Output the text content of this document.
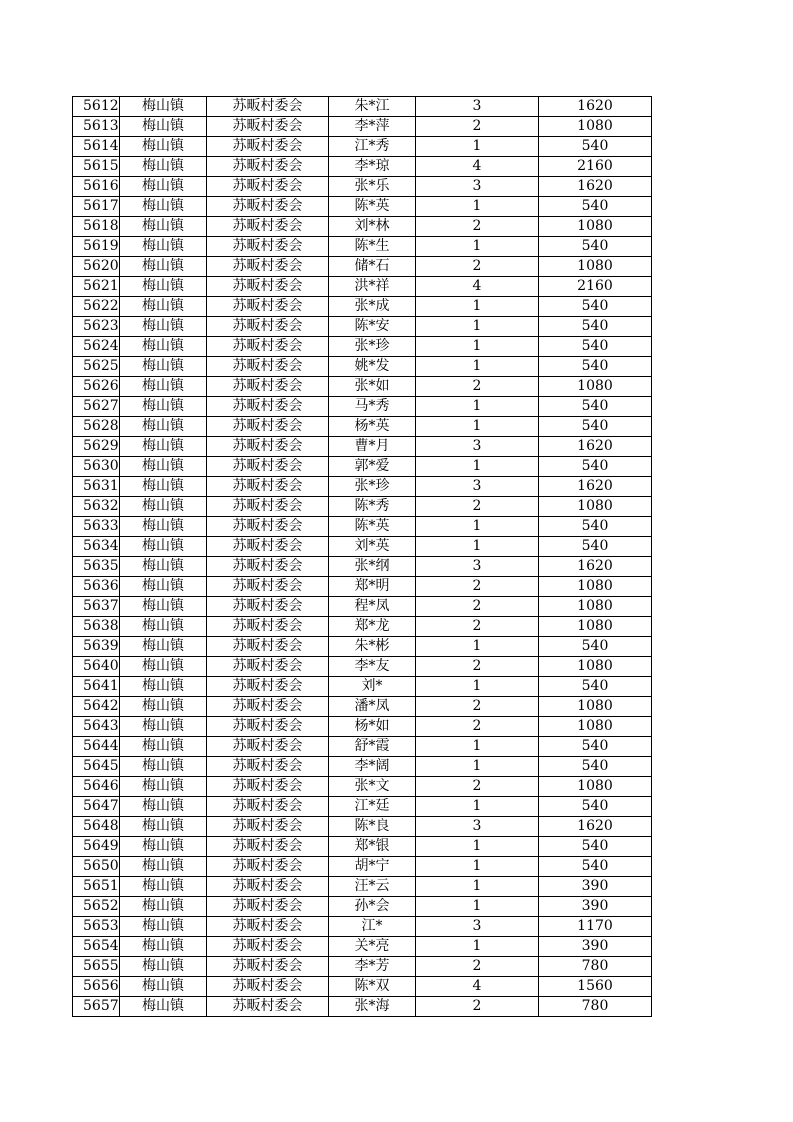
5612	梅山镇	苏畈村委会	朱*江	3	1620
5613	梅山镇	苏畈村委会	李*萍	2	1080
5614	梅山镇	苏畈村委会	江*秀	1	540
5615	梅山镇	苏畈村委会	李*琼	4	2160
5616	梅山镇	苏畈村委会	张*乐	3	1620
5617	梅山镇	苏畈村委会	陈*英	1	540
5618	梅山镇	苏畈村委会	刘*林	2	1080
5619	梅山镇	苏畈村委会	陈*生	1	540
5620	梅山镇	苏畈村委会	储*石	2	1080
5621	梅山镇	苏畈村委会	洪*祥	4	2160
5622	梅山镇	苏畈村委会	张*成	1	540
5623	梅山镇	苏畈村委会	陈*安	1	540
5624	梅山镇	苏畈村委会	张*珍	1	540
5625	梅山镇	苏畈村委会	姚*发	1	540
5626	梅山镇	苏畈村委会	张*如	2	1080
5627	梅山镇	苏畈村委会	马*秀	1	540
5628	梅山镇	苏畈村委会	杨*英	1	540
5629	梅山镇	苏畈村委会	曹*月	3	1620
5630	梅山镇	苏畈村委会	郭*爱	1	540
5631	梅山镇	苏畈村委会	张*珍	3	1620
5632	梅山镇	苏畈村委会	陈*秀	2	1080
5633	梅山镇	苏畈村委会	陈*英	1	540
5634	梅山镇	苏畈村委会	刘*英	1	540
5635	梅山镇	苏畈村委会	张*纲	3	1620
5636	梅山镇	苏畈村委会	郑*明	2	1080
5637	梅山镇	苏畈村委会	程*凤	2	1080
5638	梅山镇	苏畈村委会	郑*龙	2	1080
5639	梅山镇	苏畈村委会	朱*彬	1	540
5640	梅山镇	苏畈村委会	李*友	2	1080
5641	梅山镇	苏畈村委会	刘*	1	540
5642	梅山镇	苏畈村委会	潘*凤	2	1080
5643	梅山镇	苏畈村委会	杨*如	2	1080
5644	梅山镇	苏畈村委会	舒*霞	1	540
5645	梅山镇	苏畈村委会	李*阔	1	540
5646	梅山镇	苏畈村委会	张*文	2	1080
5647	梅山镇	苏畈村委会	江*廷	1	540
5648	梅山镇	苏畈村委会	陈*良	3	1620
5649	梅山镇	苏畈村委会	郑*银	1	540
5650	梅山镇	苏畈村委会	胡*宁	1	540
5651	梅山镇	苏畈村委会	汪*云	1	390
5652	梅山镇	苏畈村委会	孙*会	1	390
5653	梅山镇	苏畈村委会	江*	3	1170
5654	梅山镇	苏畈村委会	关*亮	1	390
5655	梅山镇	苏畈村委会	李*芳	2	780
5656	梅山镇	苏畈村委会	陈*双	4	1560
5657	梅山镇	苏畈村委会	张*海	2	780
